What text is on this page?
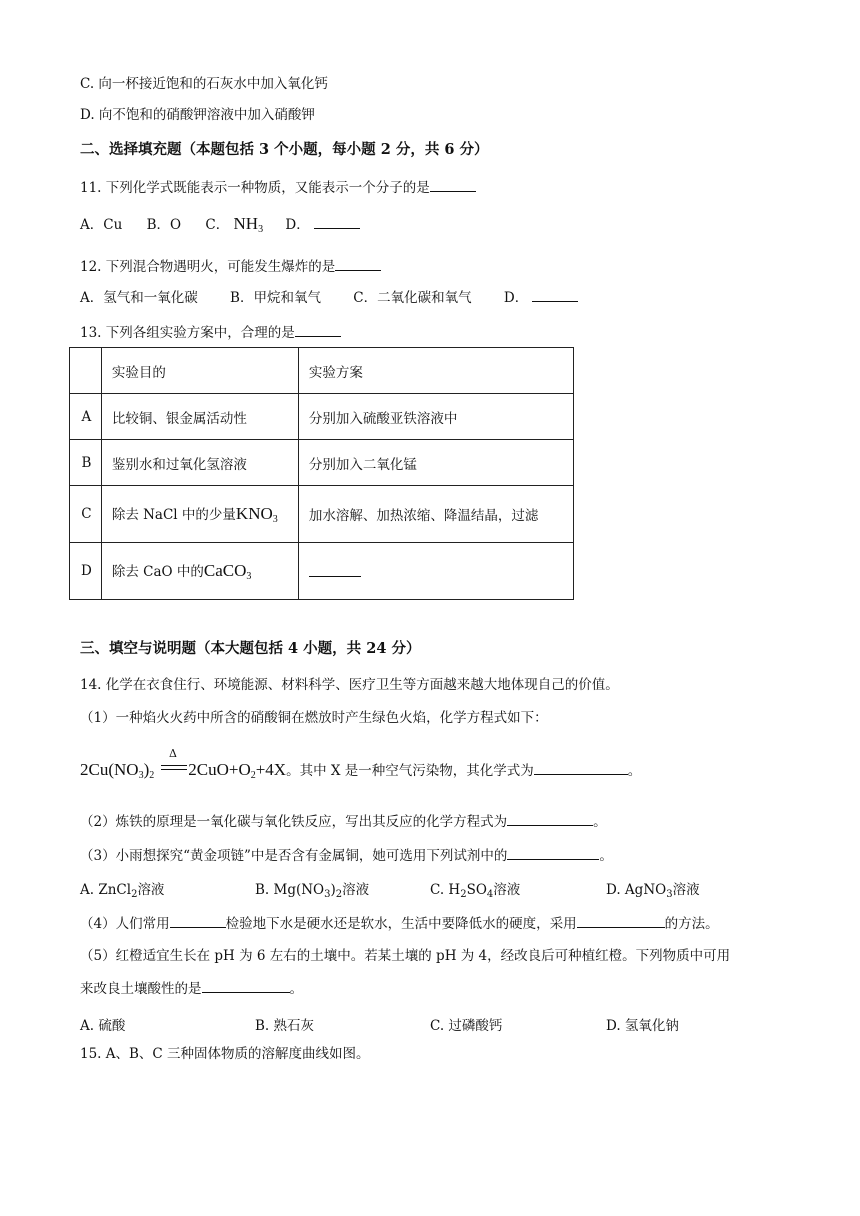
C. 向一杯接近饱和的石灰水中加入氧化钙
D. 向不饱和的硝酸钾溶液中加入硝酸钾
二、选择填充题（本题包括 3 个小题，每小题 2 分，共 6 分）
11. 下列化学式既能表示一种物质，又能表示一个分子的是
A．Cu B．O C． $NH_3$ D．
12. 下列混合物遇明火，可能发生爆炸的是
A．氢气和一氧化碳 B．甲烷和氧气 C．二氧化碳和氧气 D．
13. 下列各组实验方案中，合理的是
	实验目的	实验方案
A	比较铜、银金属活动性	分别加入硫酸亚铁溶液中
B	鉴别水和过氧化氢溶液	分别加入二氧化锰
C	除去 NaCl 中的少量$KNO_3$	加水溶解、加热浓缩、降温结晶，过滤
D	除去 CaO 中的CaCO$_3$	
三、填空与说明题（本大题包括 4 小题，共 24 分）
14. 化学在衣食住行、环境能源、材料科学、医疗卫生等方面越来越大地体现自己的价值。
（1）一种焰火火药中所含的硝酸铜在燃放时产生绿色火焰，化学方程式如下：
$2Cu(NO_3)_2$ $2CuO+O_2+4X$。其中 X 是一种空气污染物，其化学式为	。
Δ
（2）炼铁的原理是一氧化碳与氧化铁反应，写出其反应的化学方程式为	。
（3）小雨想探究“黄金项链”中是否含有金属铜，她可选用下列试剂中的	。
A. ZnCl$_2$溶液	B. $Mg(NO_3)_2$溶液	C. $H_2SO_4$溶液	D. AgNO$_3$溶液
（4）人们常用	检验地下水是硬水还是软水，生活中要降低水的硬度，采用	的方法。
（5）红橙适宜生长在 pH 为 6 左右的土壤中。若某土壤的 pH 为 4，经改良后可种植红橙。下列物质中可用
来改良土壤酸性的是	。
A. 硫酸	B. 熟石灰	C. 过磷酸钙	D. 氢氧化钠
15. A、B、C 三种固体物质的溶解度曲线如图。
